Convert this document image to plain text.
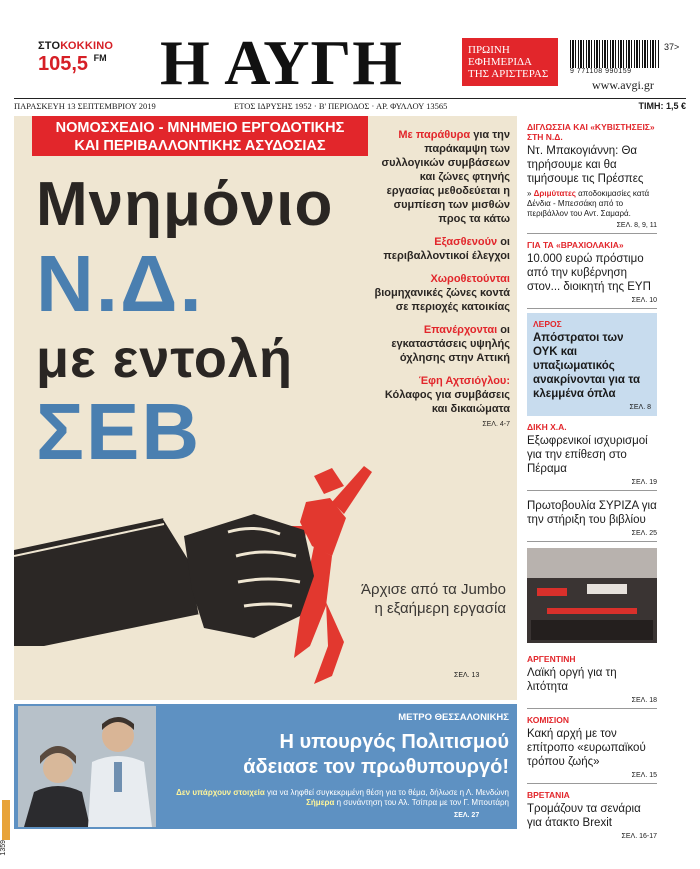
ΣΤΟΚΟΚΚΙΝΟ
105,5 $^{FM}$ Η ΑΥΓΗ	ΠΡΩΙΝΗ
ΕΦΗΜΕΡΙΔΑ
ΤΗΣ ΑΡΙΣΤΕΡΑΣ	9 771108 990159
37>
www.avgi.gr
ΠΑΡΑΣΚΕΥΗ 13 ΣΕΠΤΕΜΒΡΙΟΥ 2019	ΕΤΟΣ ΙΔΡΥΣΗΣ 1952 · Β' ΠΕΡΙΟΔΟΣ · ΑΡ. ΦΥΛΛΟΥ 13565	ΤΙΜΗ: 1,5 €
ΝΟΜΟΣΧΕΔΙΟ - ΜΝΗΜΕΙΟ ΕΡΓΟΔΟΤΙΚΗΣ
ΚΑΙ ΠΕΡΙΒΑΛΛΟΝΤΙΚΗΣ ΑΣΥΔΟΣΙΑΣ
Μνημόνιο
Ν.Δ.
με εντολή
ΣΕΒ
Με παράθυρα για την παράκαμψη των συλλογικών συμβάσεων και ζώνες φτηνής εργασίας μεθοδεύεται η συμπίεση των μισθών προς τα κάτω
Εξασθενούν οι περιβαλλοντικοί έλεγχοι
Χωροθετούνται βιομηχανικές ζώνες κοντά σε περιοχές κατοικίας
Επανέρχονται οι εγκαταστάσεις υψηλής όχλησης στην Αττική
Έφη Αχτσιόγλου: Κόλαφος για συμβάσεις και δικαιώματα
ΣΕΛ. 4-7
Άρχισε από τα Jumbo η εξαήμερη εργασία
ΣΕΛ. 13
ΔΙΓΛΩΣΣΙΑ ΚΑΙ «ΚΥΒΙΣΤΗΣΕΙΣ» ΣΤΗ Ν.Δ.
Ντ. Μπακογιάννη: Θα τηρήσουμε και θα τιμήσουμε τις Πρέσπες
» Δριμύτατες αποδοκιμασίες κατά Δένδια - Μπεσσάκη από το περιβάλλον του Αντ. Σαμαρά.
ΣΕΛ. 8, 9, 11
ΓΙΑ ΤΑ «ΒΡΑΧΙΟΛΑΚΙΑ»
10.000 ευρώ πρόστιμο από την κυβέρνηση στον... διοικητή της ΕΥΠ
ΣΕΛ. 10
ΛΕΡΟΣ
Απόστρατοι των ΟΥΚ και υπαξιωματικός ανακρίνονται για τα κλεμμένα όπλα
ΣΕΛ. 8
ΔΙΚΗ Χ.Α.
Εξωφρενικοί ισχυρισμοί για την επίθεση στο Πέραμα
ΣΕΛ. 19
Πρωτοβουλία ΣΥΡΙΖΑ για την στήριξη του βιβλίου
ΣΕΛ. 25
ΑΡΓΕΝΤΙΝΗ
Λαϊκή οργή για τη λιτότητα
ΣΕΛ. 18
ΚΟΜΙΣΙΟΝ
Κακή αρχή με τον επίτροπο «ευρωπαϊκού τρόπου ζωής»
ΣΕΛ. 15
ΒΡΕΤΑΝΙΑ
Τρομάζουν τα σενάρια για άτακτο Brexit
ΣΕΛ. 16-17
ΜΕΤΡΟ ΘΕΣΣΑΛΟΝΙΚΗΣ
Η υπουργός Πολιτισμού
άδειασε τον πρωθυπουργό!
Δεν υπάρχουν στοιχεία για να ληφθεί συγκεκριμένη θέση για το θέμα, δήλωσε η Λ. Μενδώνη Σήμερα η συνάντηση του Αλ. Τσίπρα με τον Γ. Μπουτάρη
ΣΕΛ. 27
1359
